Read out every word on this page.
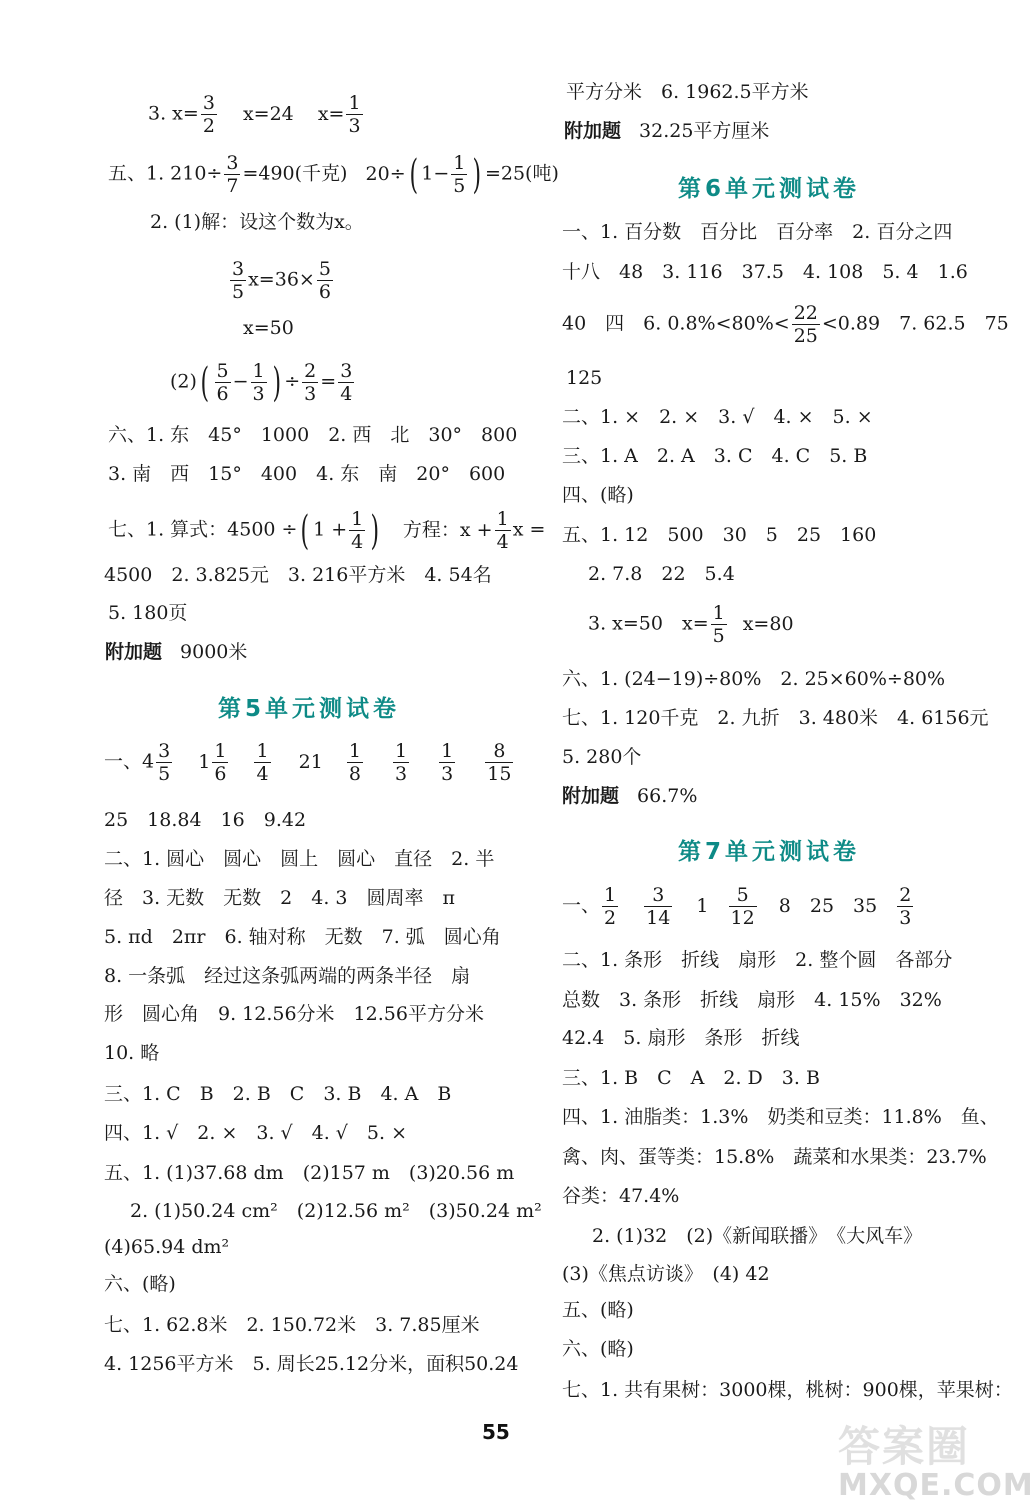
3. $x= \frac{3}{2} x=24$ $x= \frac{1}{3}$
五、1. $210\div \frac{3}{7} =490$(千克) 20÷( $1- \frac{1}{5}$ ) =25(吨)
2. (1)解：设这个数为x。
$\frac{3}{5} x=36\times \frac{5}{6}$
x=50
$(2)( \frac{5}{6} - \frac{1}{3}$ ) ÷ $\frac{2}{3} = \frac{3}{4}$
六、1. 东　45°　1000　2. 西　北　30°　800
3. 南　西　15°　400　4. 东　南　20°　600
七、1. 算式：4500 ÷( $1 + \frac{1}{4}$ ) 方程：$x + \frac{1}{4}$ x =
4500　2. 3.825元　3. 216平方米　4. 54名
5. 180页
附加题 9000米
第5单元测试卷
一、$4 \frac{3}{5} 1 \frac{1}{6}$
$\frac{1}{4} 21 \frac{1}{8}$
$\frac{1}{3}$
$\frac{1}{3}$
$\frac{8}{15}$
25　18.84　16　9.42
二、1. 圆心　圆心　圆上　圆心　直径　2. 半
径　3. 无数　无数　2　4. 3　圆周率　π
5. πd　2πr　6. 轴对称　无数　7. 弧　圆心角
8. 一条弧　经过这条弧两端的两条半径　扇
形　圆心角　9. 12.56分米　12.56平方分米
10. 略
三、1. C　B　2. B　C　3. B　4. A　B
四、1. √　2. ×　3. √　4. √　5. ×
五、1. (1)37.68 dm　(2)157 m　(3)20.56 m
2. (1)50.24 cm²　(2)12.56 m²　(3)50.24 m²
(4)65.94 dm²
六、(略)
七、1. 62.8米　2. 150.72米　3. 7.85厘米
4. 1256平方米　5. 周长25.12分米，面积50.24
平方分米　6. 1962.5平方米
附加题 32.25平方厘米
第6单元测试卷
一、1. 百分数　百分比　百分率　2. 百分之四
十八　48　3. 116　37.5　4. 108　5. 4　1.6
40　四　6. $0.8\%<80\%< \frac{22}{25} <0.89$　7. 62.5　75
125
二、1. ×　2. ×　3. √　4. ×　5. ×
三、1. A　2. A　3. C　4. C　5. B
四、(略)
五、1. 12　500　30　5　25　160
2. 7.8　22　5.4
3. x=50　$x= \frac{1}{5} x=80$
六、1. (24−19)÷80%　2. 25×60%÷80%
七、1. 120千克　2. 九折　3. 480米　4. 6156元
5. 280个
附加题 66.7%
第7单元测试卷
一、 $\frac{1}{2}$
$\frac{3}{14} 1 \frac{5}{12} 8$　25　$35 \frac{2}{3}$
二、1. 条形　折线　扇形　2. 整个圆　各部分
总数　3. 条形　折线　扇形　4. 15%　32%
42.4　5. 扇形　条形　折线
三、1. B　C　A　2. D　3. B
四、1. 油脂类：1.3%　奶类和豆类：11.8%　鱼、
禽、肉、蛋等类：15.8%　蔬菜和水果类：23.7%
谷类：47.4%
2. (1)32　(2)《新闻联播》　《大风车》
(3)《焦点访谈》　(4) 42
五、(略)
六、(略)
七、1. 共有果树：3000棵，桃树：900棵，苹果树：
55	答案圈
MXQE.COM
